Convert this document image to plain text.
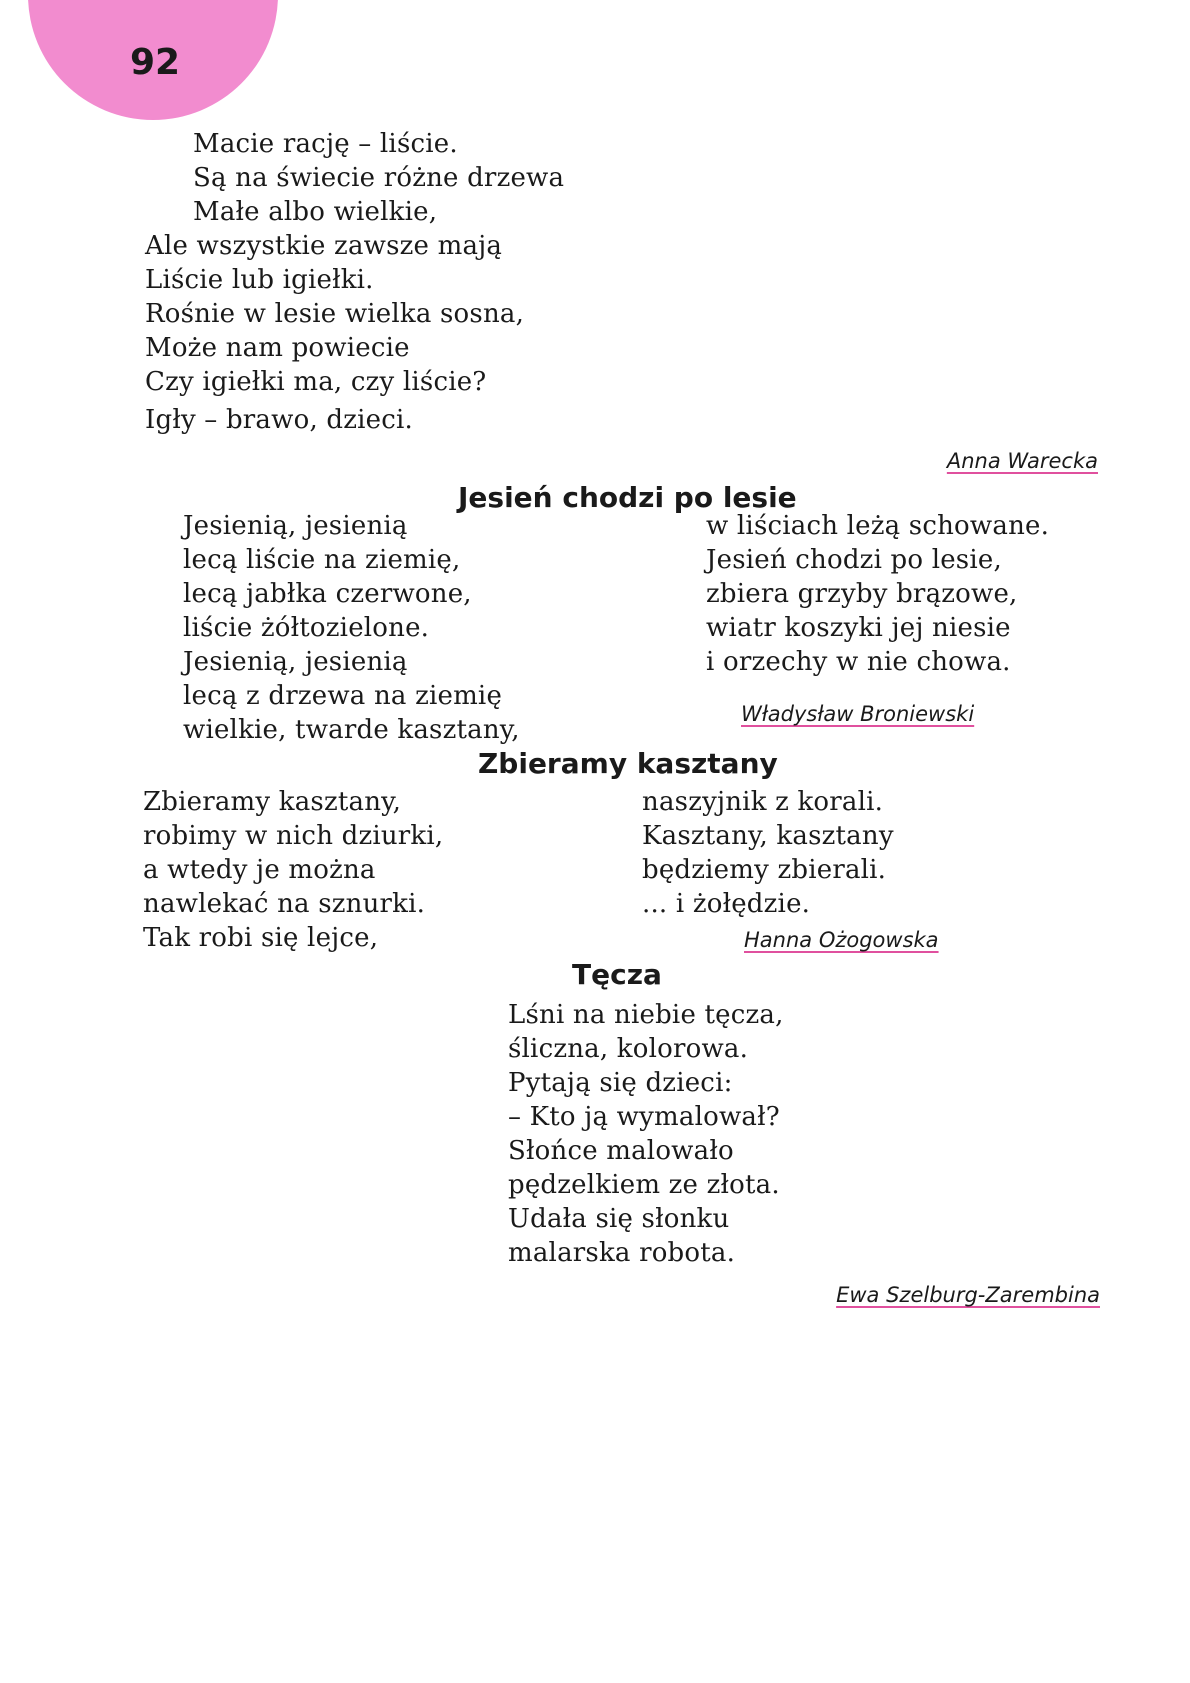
92
Macie rację – liście.
Są na świecie różne drzewa
Małe albo wielkie,
Ale wszystkie zawsze mają
Liście lub igiełki.
Rośnie w lesie wielka sosna,
Może nam powiecie
Czy igiełki ma, czy liście?
Igły – brawo, dzieci.
Anna Warecka
Jesień chodzi po lesie
Jesienią, jesienią
lecą liście na ziemię,
lecą jabłka czerwone,
liście żółtozielone.
Jesienią, jesienią
lecą z drzewa na ziemię
wielkie, twarde kasztany,
w liściach leżą schowane.
Jesień chodzi po lesie,
zbiera grzyby brązowe,
wiatr koszyki jej niesie
i orzechy w nie chowa.
Władysław Broniewski
Zbieramy kasztany
Zbieramy kasztany,
robimy w nich dziurki,
a wtedy je można
nawlekać na sznurki.
Tak robi się lejce,
naszyjnik z korali.
Kasztany, kasztany
będziemy zbierali.
... i żołędzie.
Hanna Ożogowska
Tęcza
Lśni na niebie tęcza,
śliczna, kolorowa.
Pytają się dzieci:
– Kto ją wymalował?
Słońce malowało
pędzelkiem ze złota.
Udała się słonku
malarska robota.
Ewa Szelburg-Zarembina
